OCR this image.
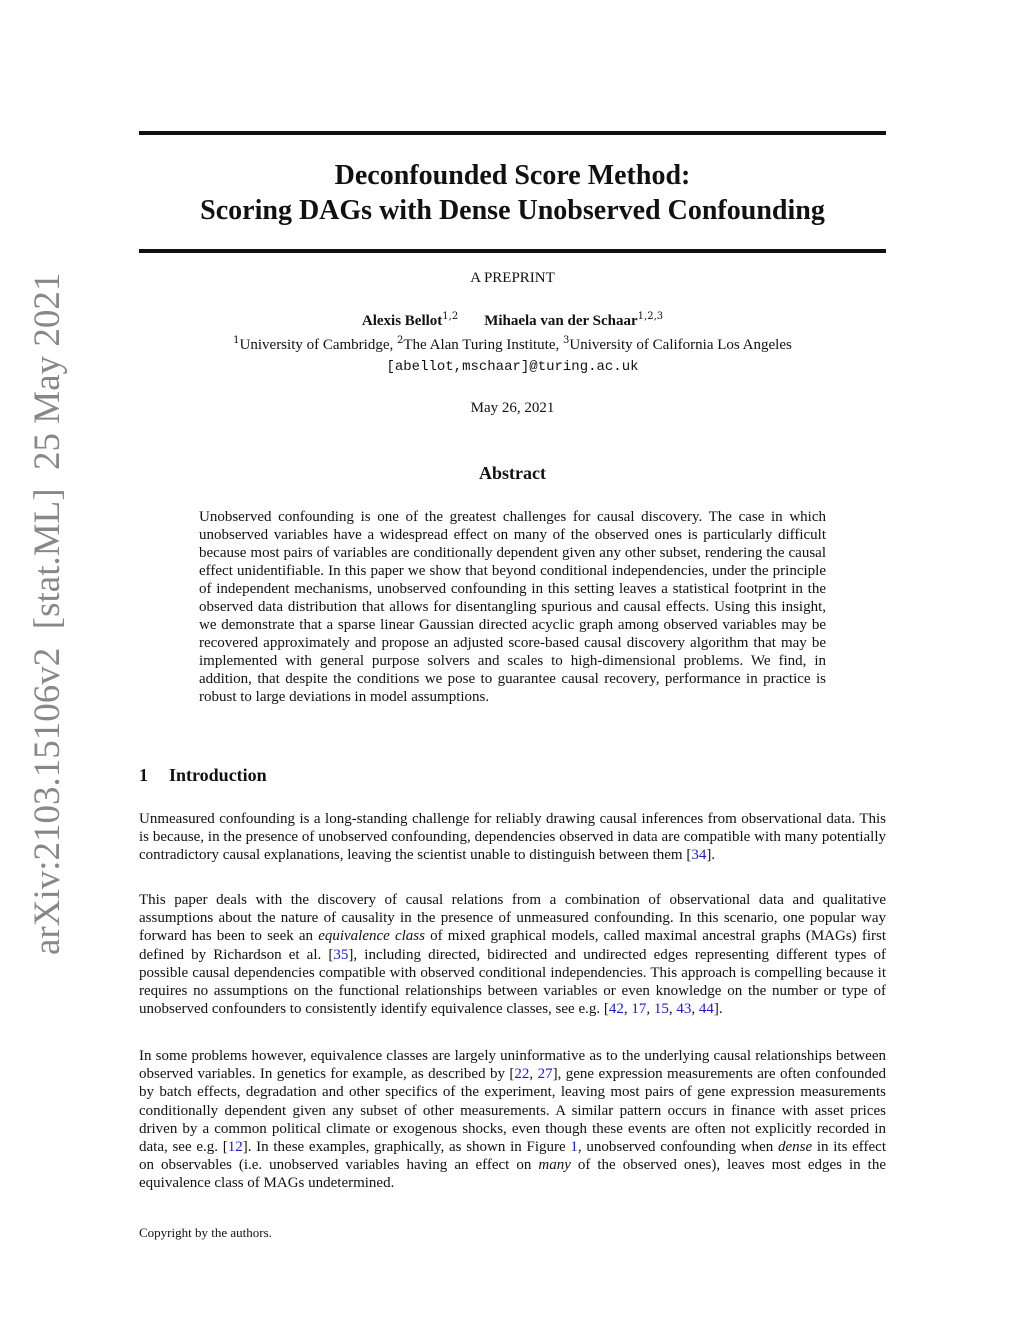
arXiv:2103.15106v2  [stat.ML]  25 May 2021
Deconfounded Score Method:
Scoring DAGs with Dense Unobserved Confounding
A PREPRINT
Alexis Bellot$^{1,2}$ Mihaela van der Schaar$^{1,2,3}$
$^1$University of Cambridge, $^2$The Alan Turing Institute, $^3$University of California Los Angeles
[abellot,mschaar]@turing.ac.uk
May 26, 2021
Abstract

Unobserved confounding is one of the greatest challenges for causal discovery. The case in which unobserved variables have a widespread effect on many of the observed ones is particularly difficult because most pairs of variables are conditionally dependent given any other subset, rendering the causal effect unidentifiable. In this paper we show that beyond conditional independencies, under the principle of independent mechanisms, unobserved confounding in this setting leaves a statistical footprint in the observed data distribution that allows for disentangling spurious and causal effects. Using this insight, we demonstrate that a sparse linear Gaussian directed acyclic graph among observed variables may be recovered approximately and propose an adjusted score-based causal discovery algorithm that may be implemented with general purpose solvers and scales to high-dimensional problems. We find, in addition, that despite the conditions we pose to guarantee causal recovery, performance in practice is robust to large deviations in model assumptions.

1 Introduction

Unmeasured confounding is a long-standing challenge for reliably drawing causal inferences from observational data. This is because, in the presence of unobserved confounding, dependencies observed in data are compatible with many potentially contradictory causal explanations, leaving the scientist unable to distinguish between them [34].

This paper deals with the discovery of causal relations from a combination of observational data and qualitative assumptions about the nature of causality in the presence of unmeasured confounding. In this scenario, one popular way forward has been to seek an equivalence class of mixed graphical models, called maximal ancestral graphs (MAGs) first defined by Richardson et al. [35], including directed, bidirected and undirected edges representing different types of possible causal dependencies compatible with observed conditional independencies. This approach is compelling because it requires no assumptions on the functional relationships between variables or even knowledge on the number or type of unobserved confounders to consistently identify equivalence classes, see e.g. [42, 17, 15, 43, 44].

In some problems however, equivalence classes are largely uninformative as to the underlying causal relationships between observed variables. In genetics for example, as described by [22, 27], gene expression measurements are often confounded by batch effects, degradation and other specifics of the experiment, leaving most pairs of gene expression measurements conditionally dependent given any subset of other measurements. A similar pattern occurs in finance with asset prices driven by a common political climate or exogenous shocks, even though these events are often not explicitly recorded in data, see e.g. [12]. In these examples, graphically, as shown in Figure 1, unobserved confounding when dense in its effect on observables (i.e. unobserved variables having an effect on many of the observed ones), leaves most edges in the equivalence class of MAGs undetermined.

Copyright by the authors.
